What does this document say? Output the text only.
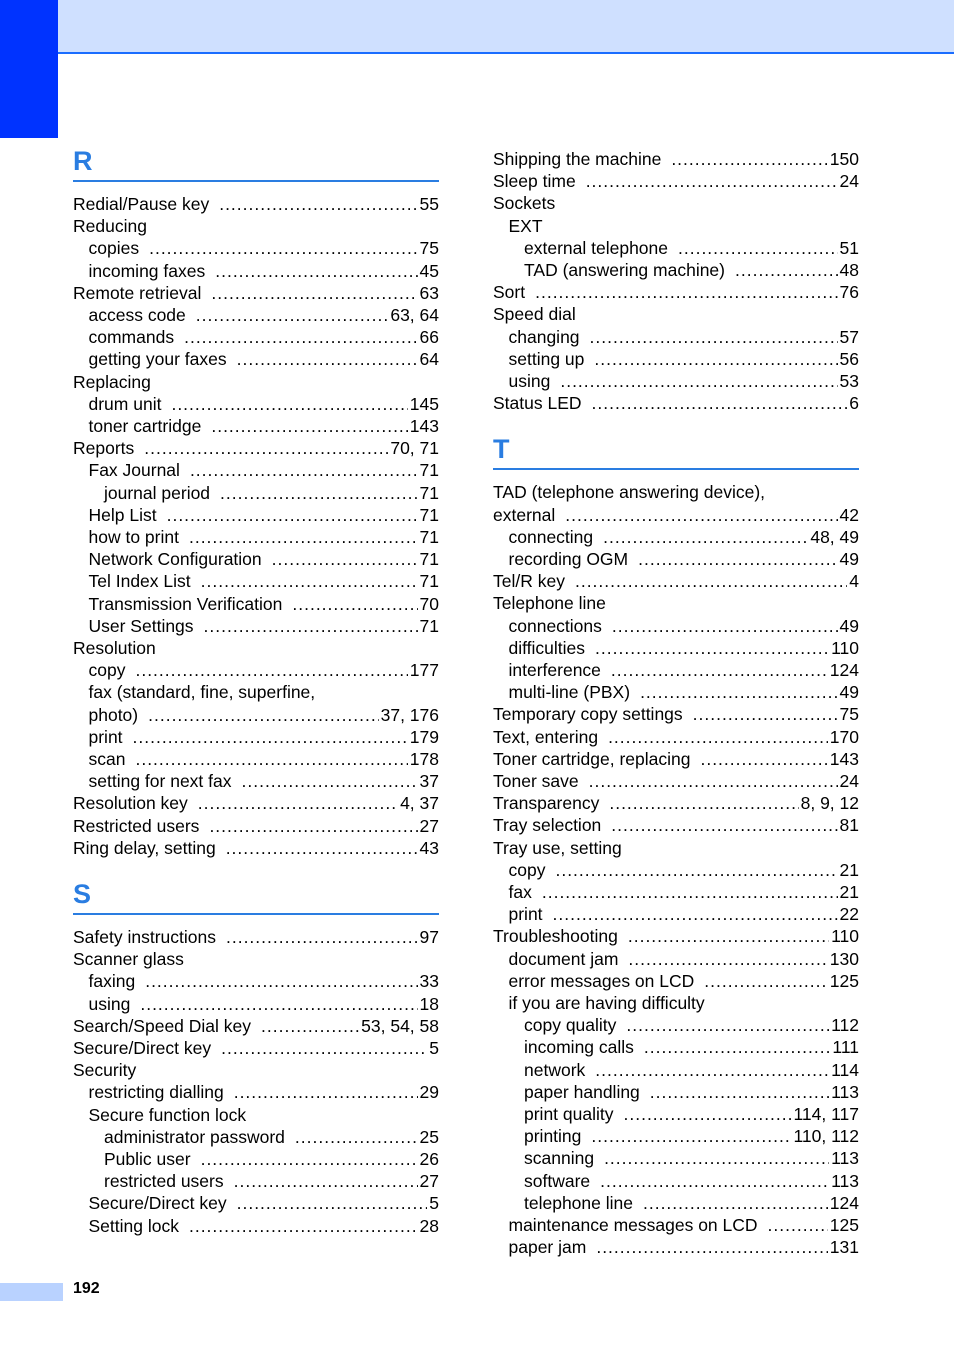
R
Redial/Pause key .....	55
Reducing
copies .....	75
incoming faxes .....	45
Remote retrieval .....	63
access code .....	63, 64
commands .....	66
getting your faxes .....	64
Replacing
drum unit .....	145
toner cartridge .....	143
Reports .....	70, 71
Fax Journal .....	71
journal period .....	71
Help List .....	71
how to print .....	71
Network Configuration .....	71
Tel Index List .....	71
Transmission Verification .....	70
User Settings .....	71
Resolution
copy .....	177
fax (standard, fine, superfine,
photo) .....	37, 176
print .....	179
scan .....	178
setting for next fax .....	37
Resolution key .....	4, 37
Restricted users .....	27
Ring delay, setting .....	43
S
Safety instructions .....	97
Scanner glass
faxing .....	33
using .....	18
Search/Speed Dial key .....	53, 54, 58
Secure/Direct key .....	5
Security
restricting dialling .....	29
Secure function lock
administrator password .....	25
Public user .....	26
restricted users .....	27
Secure/Direct key .....	5
Setting lock .....	28
Shipping the machine .....	150
Sleep time .....	24
Sockets
EXT
external telephone .....	51
TAD (answering machine) .....	48
Sort .....	76
Speed dial
changing .....	57
setting up .....	56
using .....	53
Status LED .....	6
T
TAD (telephone answering device),
external .....	42
connecting .....	48, 49
recording OGM .....	49
Tel/R key .....	4
Telephone line
connections .....	49
difficulties .....	110
interference .....	124
multi-line (PBX) .....	49
Temporary copy settings .....	75
Text, entering .....	170
Toner cartridge, replacing .....	143
Toner save .....	24
Transparency .....	8, 9, 12
Tray selection .....	81
Tray use, setting
copy .....	21
fax .....	21
print .....	22
Troubleshooting .....	110
document jam .....	130
error messages on LCD .....	125
if you are having difficulty
copy quality .....	112
incoming calls .....	111
network .....	114
paper handling .....	113
print quality .....	114, 117
printing .....	110, 112
scanning .....	113
software .....	113
telephone line .....	124
maintenance messages on LCD .....	125
paper jam .....	131
192
